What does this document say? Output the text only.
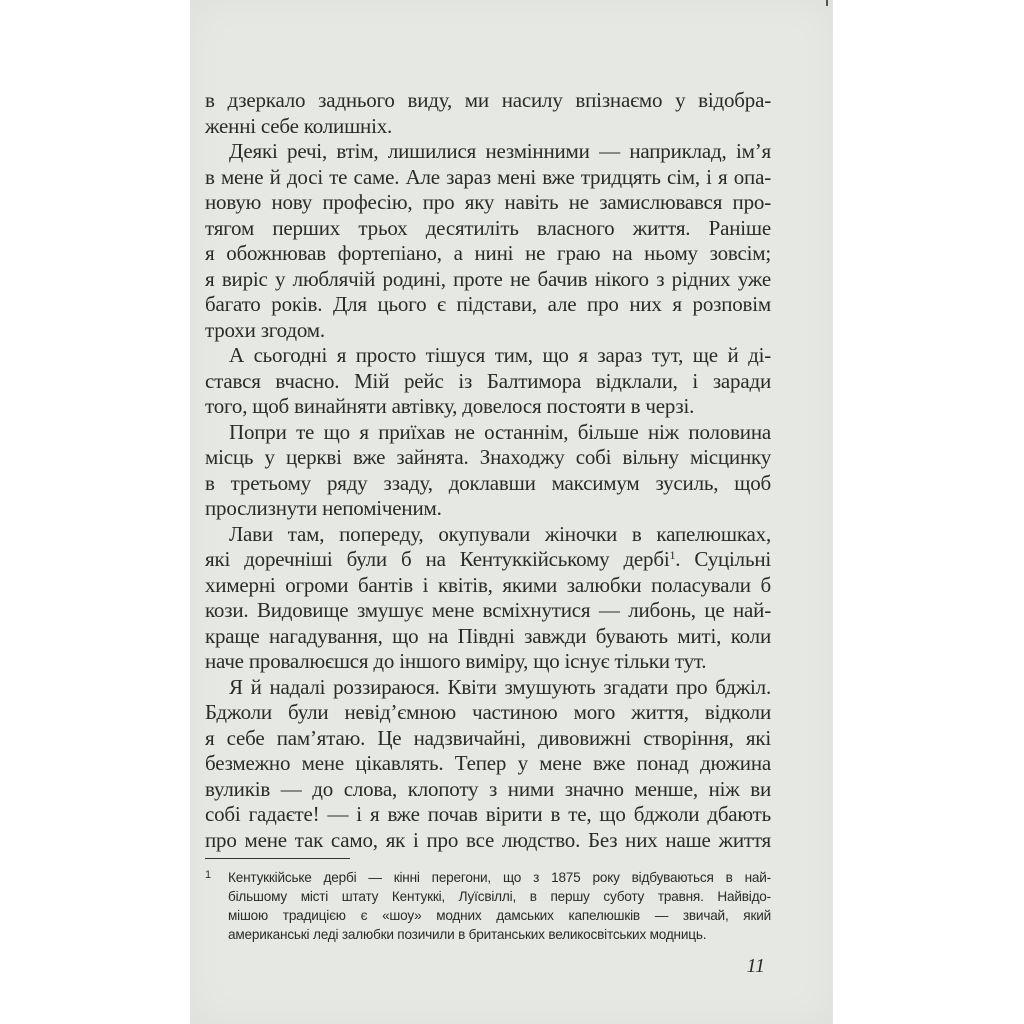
в дзеркало заднього виду, ми насилу впізнаємо у відобра-
женні себе колишніх.
Деякі речі, втім, лишилися незмінними — наприклад, ім’я
в мене й досі те саме. Але зараз мені вже тридцять сім, і я опа-
новую нову професію, про яку навіть не замислювався про-
тягом перших трьох десятиліть власного життя. Раніше
я обожнював фортепіано, а нині не граю на ньому зовсім;
я виріс у люблячій родині, проте не бачив нікого з рідних уже
багато років. Для цього є підстави, але про них я розповім
трохи згодом.
А сьогодні я просто тішуся тим, що я зараз тут, ще й ді-
стався вчасно. Мій рейс із Балтимора відклали, і заради
того, щоб винайняти автівку, довелося постояти в черзі.
Попри те що я приїхав не останнім, більше ніж половина
місць у церкві вже зайнята. Знаходжу собі вільну місцинку
в третьому ряду ззаду, доклавши максимум зусиль, щоб
прослизнути непоміченим.
Лави там, попереду, окупували жіночки в капелюшках,
які доречніші були б на Кентуккійському дербі$^1$. Суцільні
химерні огроми бантів і квітів, якими залюбки поласували б
кози. Видовище змушує мене всміхнутися — либонь, це най-
краще нагадування, що на Півдні завжди бувають миті, коли
наче провалюєшся до іншого виміру, що існує тільки тут.
Я й надалі роззираюся. Квіти змушують згадати про бджіл.
Бджоли були невід’ємною частиною мого життя, відколи
я себе пам’ятаю. Це надзвичайні, дивовижні створіння, які
безмежно мене цікавлять. Тепер у мене вже понад дюжина
вуликів — до слова, клопоту з ними значно менше, ніж ви
собі гадаєте! — і я вже почав вірити в те, що бджоли дбають
про мене так само, як і про все людство. Без них наше життя
1 Кентуккійське дербі — кінні перегони, що з 1875 року відбуваються в най-
більшому місті штату Кентуккі, Луїсвіллі, в першу суботу травня. Найвідо-
мішою традицією є «шоу» модних дамських капелюшків — звичай, який
американські леді залюбки позичили в британських великосвітських модниць.
11
